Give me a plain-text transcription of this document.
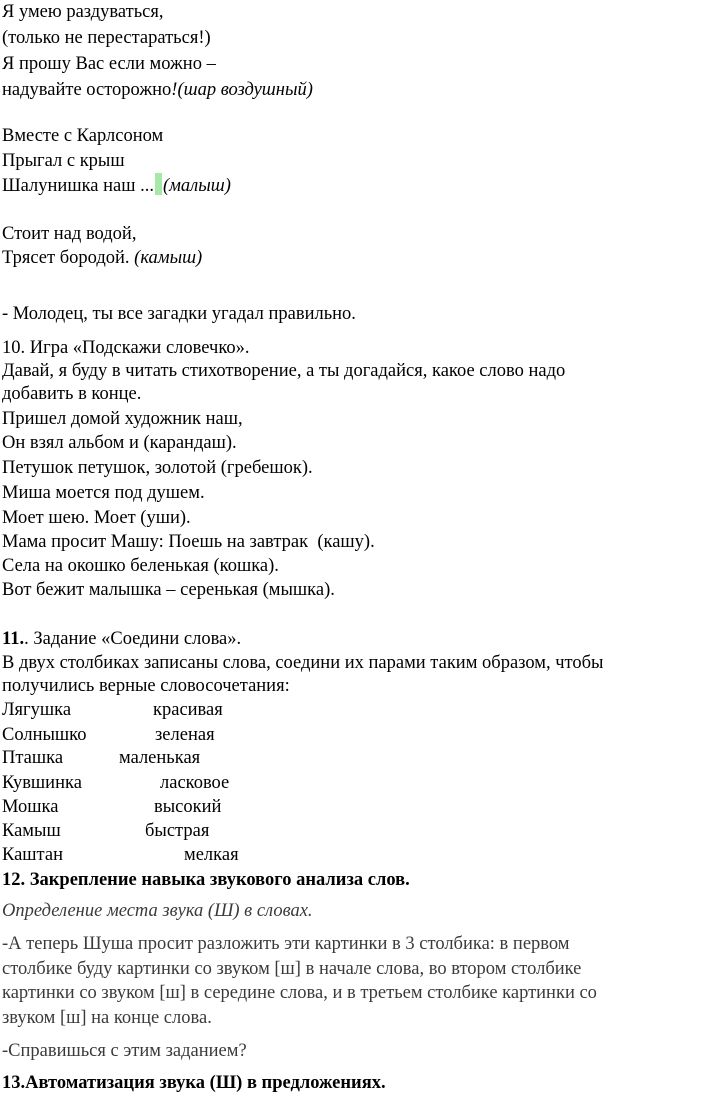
Я умею раздуваться,
(только не перестараться!)
Я прошу Вас если можно –
надувайте осторожно!(шар воздушный)
Вместе с Карлсоном
Прыгал с крыш
Шалунишка наш ... (малыш)
Стоит над водой,
Трясет бородой. (камыш)
- Молодец, ты все загадки угадал правильно.
10. Игра «Подскажи словечко».
Давай, я буду в читать стихотворение, а ты догадайся, какое слово надо
добавить в конце.
Пришел домой художник наш,
Он взял альбом и (карандаш).
Петушок петушок, золотой (гребешок).
Миша моется под душем.
Моет шею. Моет (уши).
Мама просит Машу: Поешь на завтрак  (кашу).
Села на окошко беленькая (кошка).
Вот бежит малышка – серенькая (мышка).
11.. Задание «Соедини слова».
В двух столбиках записаны слова, соедини их парами таким образом, чтобы
получились верные словосочетания:
Лягушка	красивая
Солнышко	зеленая
Пташка	маленькая
Кувшинка	ласковое
Мошка	высокий
Камыш	быстрая
Каштан	мелкая
12. Закрепление навыка звукового анализа слов.
Определение места звука (Ш) в словах.
-А теперь Шуша просит разложить эти картинки в 3 столбика: в первом
столбике буду картинки со звуком [ш] в начале слова, во втором столбике
картинки со звуком [ш] в середине слова, и в третьем столбике картинки со
звуком [ш] на конце слова.
-Справишься с этим заданием?
13.Автоматизация звука (Ш) в предложениях.
